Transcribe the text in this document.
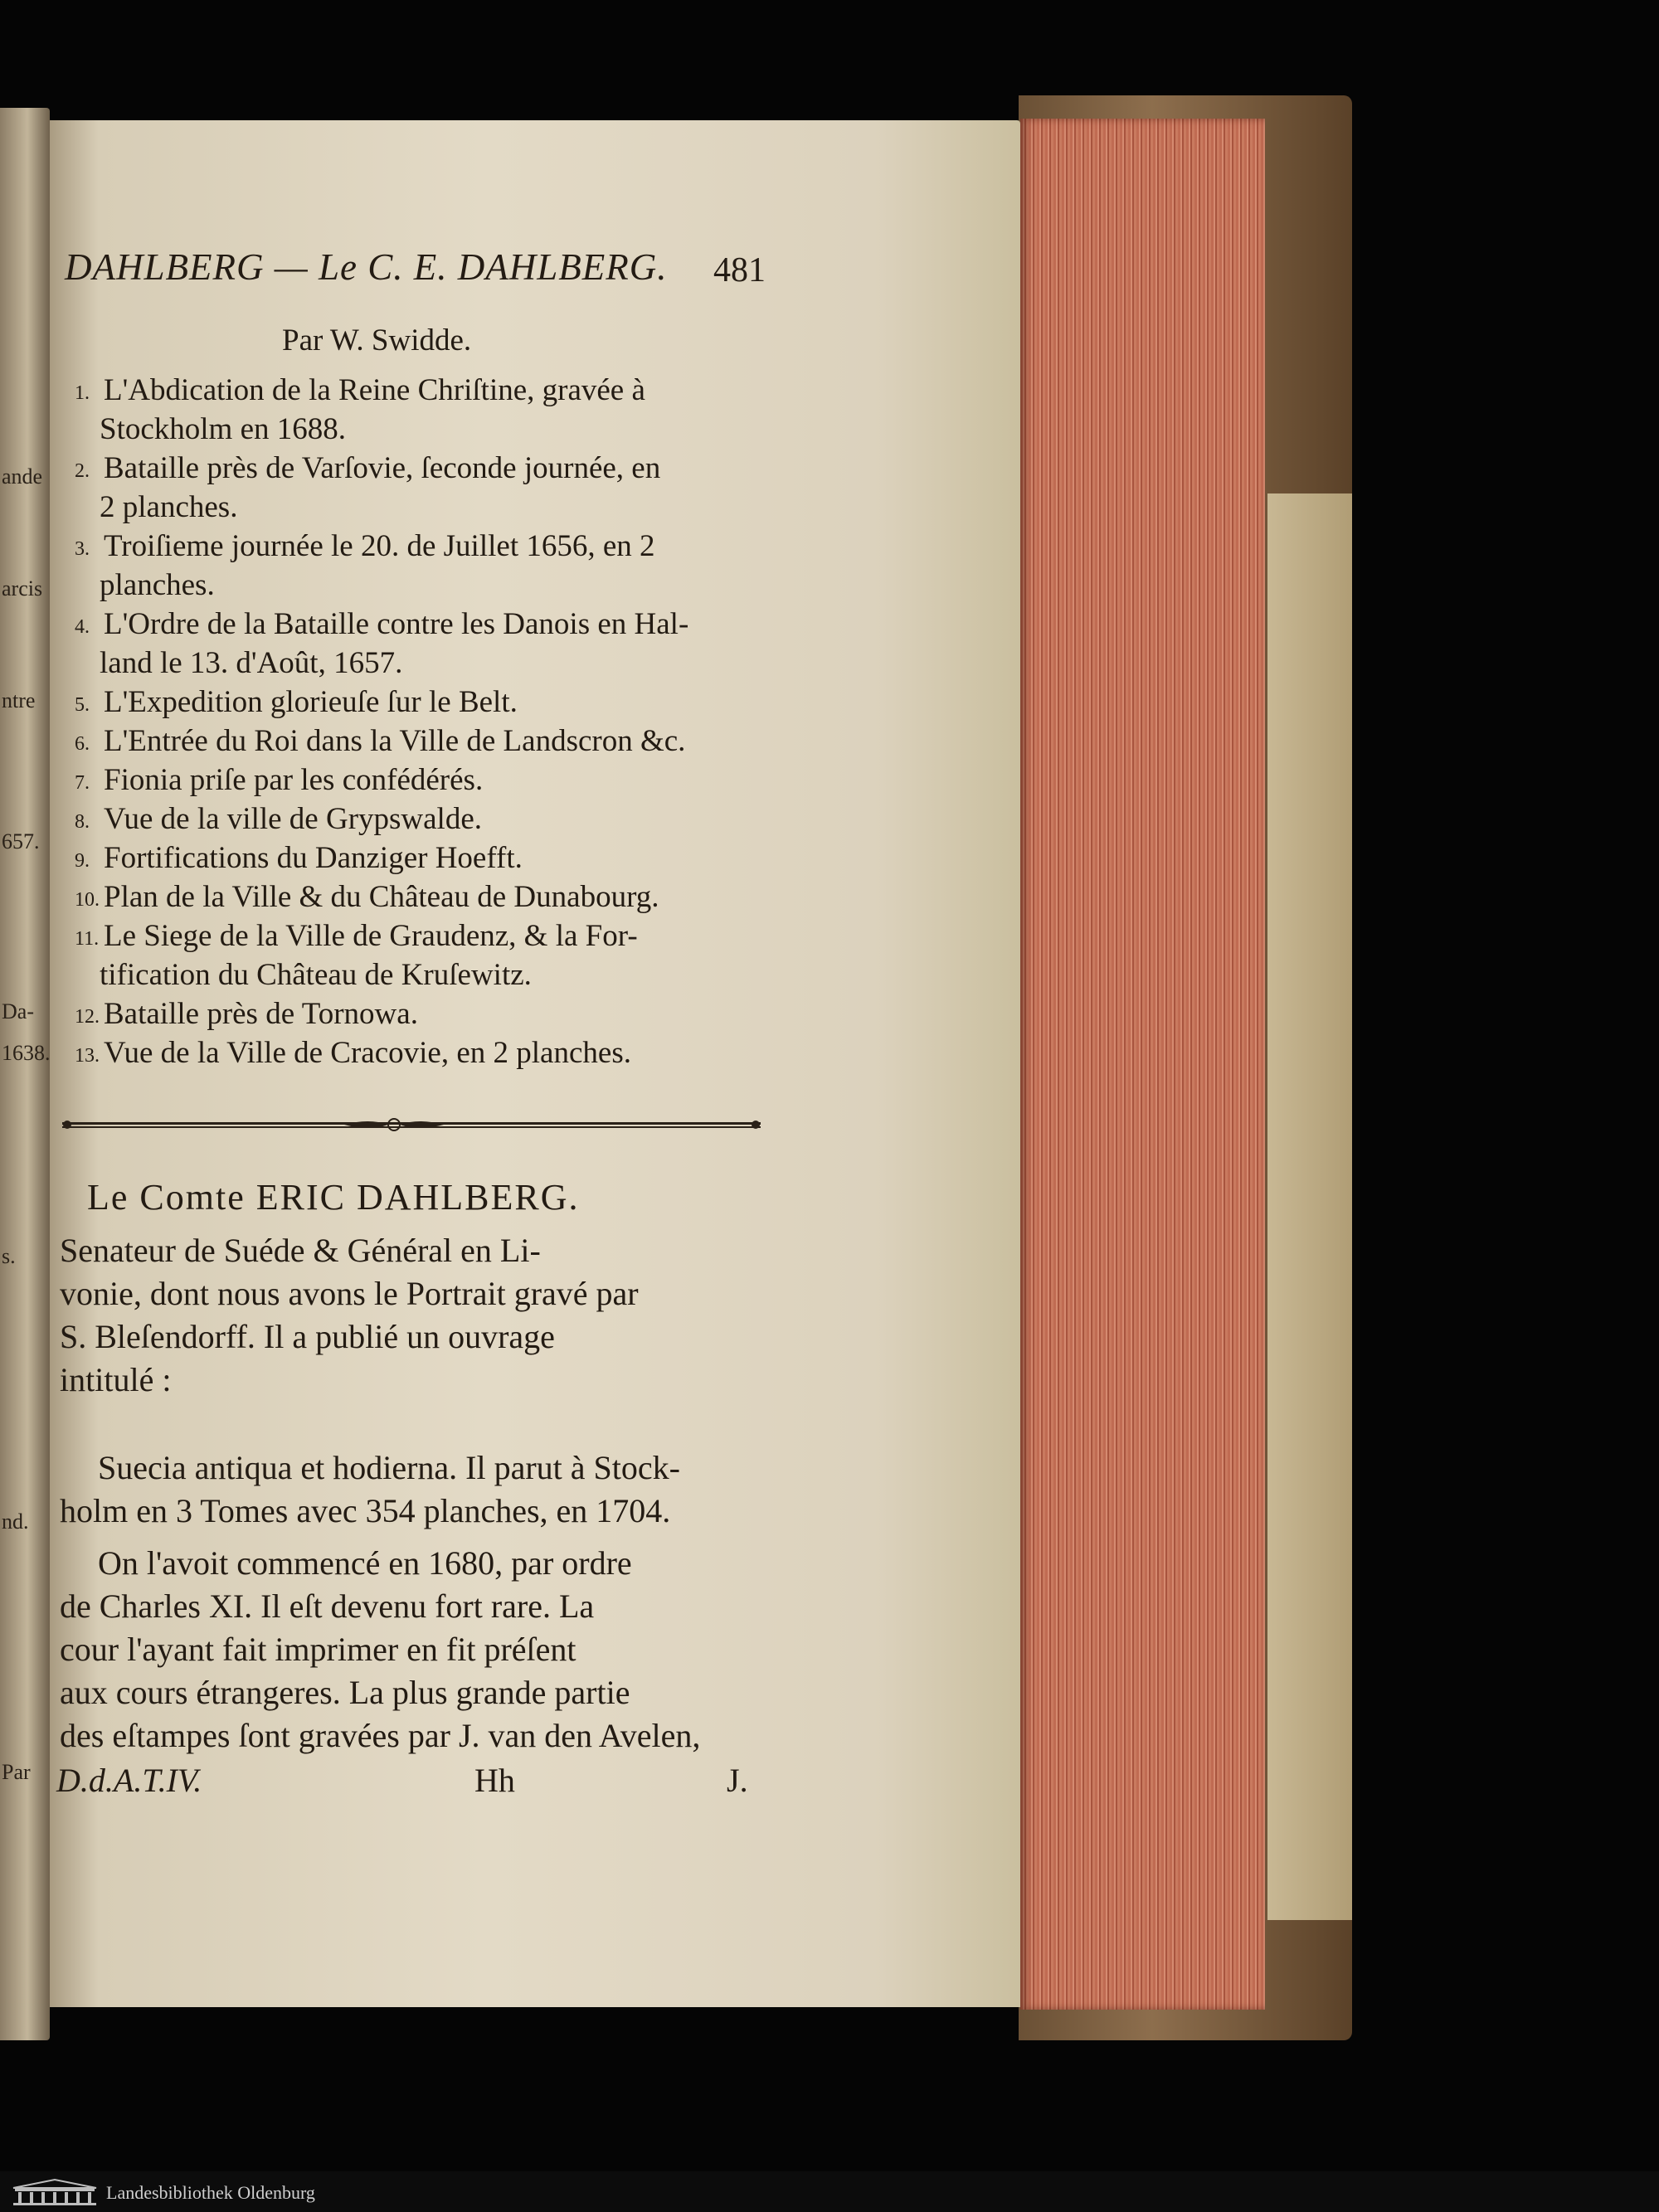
ande
arcis
ntre
657.
Da-
1638.
s.
nd.
Par
DAHLBERG — Le C. E. DAHLBERG. 481
Par W. Swidde.
1. L'Abdication de la Reine Chriſtine, gravée à
Stockholm en 1688.
2. Bataille près de Varſovie, ſeconde journée, en
2 planches.
3. Troiſieme journée le 20. de Juillet 1656, en 2
planches.
4. L'Ordre de la Bataille contre les Danois en Hal-
land le 13. d'Août, 1657.
5. L'Expedition glorieuſe ſur le Belt.
6. L'Entrée du Roi dans la Ville de Landscron &c.
7. Fionia priſe par les confédérés.
8. Vue de la ville de Grypswalde.
9. Fortifications du Danziger Hoefft.
10. Plan de la Ville & du Château de Dunabourg.
11. Le Siege de la Ville de Graudenz, & la For-
tification du Château de Kruſewitz.
12. Bataille près de Tornowa.
13. Vue de la Ville de Cracovie, en 2 planches.
Le Comte ERIC DAHLBERG.
Senateur de Suéde & Général en Li-
vonie, dont nous avons le Portrait gravé par
S. Bleſendorff. Il a publié un ouvrage
intitulé :
Suecia antiqua et hodierna. Il parut à Stock-
holm en 3 Tomes avec 354 planches, en 1704.
On l'avoit commencé en 1680, par ordre
de Charles XI. Il eſt devenu fort rare. La
cour l'ayant fait imprimer en fit préſent
aux cours étrangeres. La plus grande partie
des eſtampes ſont gravées par J. van den Avelen,
D.d.A.T.IV.	Hh	J.
Landesbibliothek Oldenburg
